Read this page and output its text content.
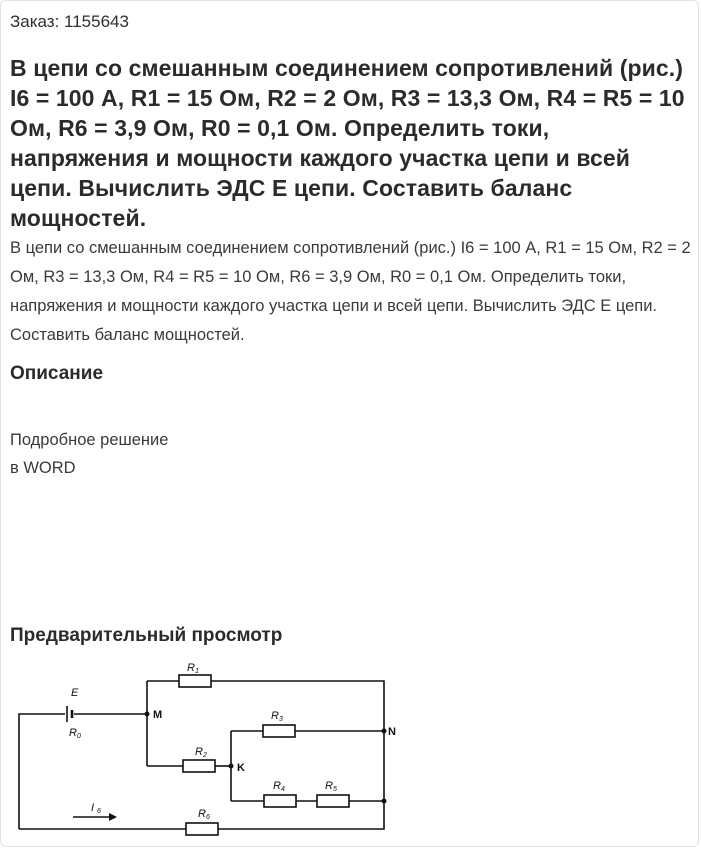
Заказ: 1155643
В цепи со смешанным соединением сопротивлений (рис.) I6 = 100 А, R1 = 15 Ом, R2 = 2 Ом, R3 = 13,3 Ом, R4 = R5 = 10 Ом, R6 = 3,9 Ом, R0 = 0,1 Ом. Определить токи, напряжения и мощности каждого участка цепи и всей цепи. Вычислить ЭДС Е цепи. Составить баланс мощностей.
В цепи со смешанным соединением сопротивлений (рис.) I6 = 100 А, R1 = 15 Ом, R2 = 2 Ом, R3 = 13,3 Ом, R4 = R5 = 10 Ом, R6 = 3,9 Ом, R0 = 0,1 Ом. Определить токи, напряжения и мощности каждого участка цепи и всей цепи. Вычислить ЭДС Е цепи. Составить баланс мощностей.
Описание
Подробное решение
в WORD
Предварительный просмотр
R 1
R 2
R 3
R 4	R 5
R 6
R 0
E
M
K
N
I 6
